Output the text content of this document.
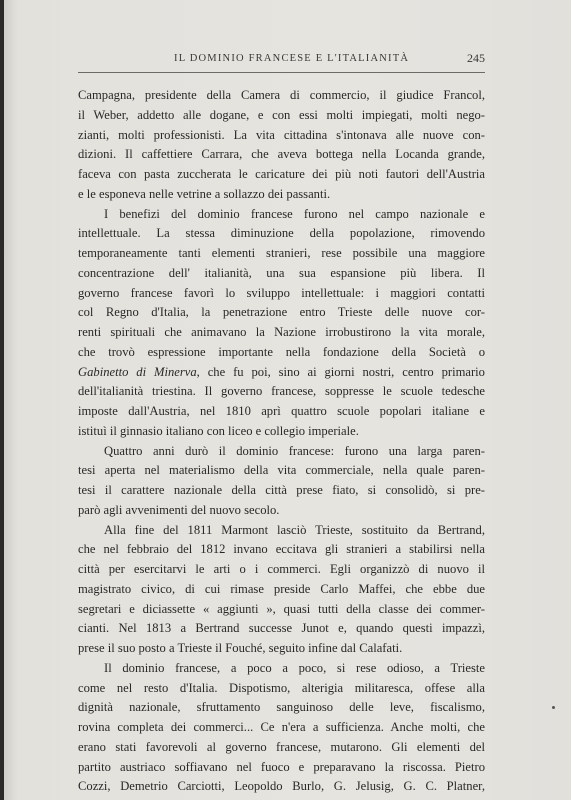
IL DOMINIO FRANCESE E L'ITALIANITÀ	245
Campagna, presidente della Camera di commercio, il giudice Francol,
il Weber, addetto alle dogane, e con essi molti impiegati, molti nego-
zianti, molti professionisti. La vita cittadina s'intonava alle nuove con-
dizioni. Il caffettiere Carrara, che aveva bottega nella Locanda grande,
faceva con pasta zuccherata le caricature dei più noti fautori dell'Austria
e le esponeva nelle vetrine a sollazzo dei passanti.
I benefizi del dominio francese furono nel campo nazionale e
intellettuale. La stessa diminuzione della popolazione, rimovendo
temporaneamente tanti elementi stranieri, rese possibile una maggiore
concentrazione dell' italianità, una sua espansione più libera. Il
governo francese favorì lo sviluppo intellettuale: i maggiori contatti
col Regno d'Italia, la penetrazione entro Trieste delle nuove cor-
renti spirituali che animavano la Nazione irrobustirono la vita morale,
che trovò espressione importante nella fondazione della Società o
Gabinetto di Minerva, che fu poi, sino ai giorni nostri, centro primario
dell'italianità triestina. Il governo francese, soppresse le scuole tedesche
imposte dall'Austria, nel 1810 aprì quattro scuole popolari italiane e
istituì il ginnasio italiano con liceo e collegio imperiale.
Quattro anni durò il dominio francese: furono una larga paren-
tesi aperta nel materialismo della vita commerciale, nella quale paren-
tesi il carattere nazionale della città prese fiato, si consolidò, si pre-
parò agli avvenimenti del nuovo secolo.
Alla fine del 1811 Marmont lasciò Trieste, sostituito da Bertrand,
che nel febbraio del 1812 invano eccitava gli stranieri a stabilirsi nella
città per esercitarvi le arti o i commerci. Egli organizzò di nuovo il
magistrato civico, di cui rimase preside Carlo Maffei, che ebbe due
segretari e diciassette « aggiunti », quasi tutti della classe dei commer-
cianti. Nel 1813 a Bertrand successe Junot e, quando questi impazzì,
prese il suo posto a Trieste il Fouché, seguito infine dal Calafati.
Il dominio francese, a poco a poco, si rese odioso, a Trieste
come nel resto d'Italia. Dispotismo, alterigia militaresca, offese alla
dignità nazionale, sfruttamento sanguinoso delle leve, fiscalismo,
rovina completa dei commerci... Ce n'era a sufficienza. Anche molti, che
erano stati favorevoli al governo francese, mutarono. Gli elementi del
partito austriaco soffiavano nel fuoco e preparavano la riscossa. Pietro
Cozzi, Demetrio Carciotti, Leopoldo Burlo, G. Jelusig, G. C. Platner,
